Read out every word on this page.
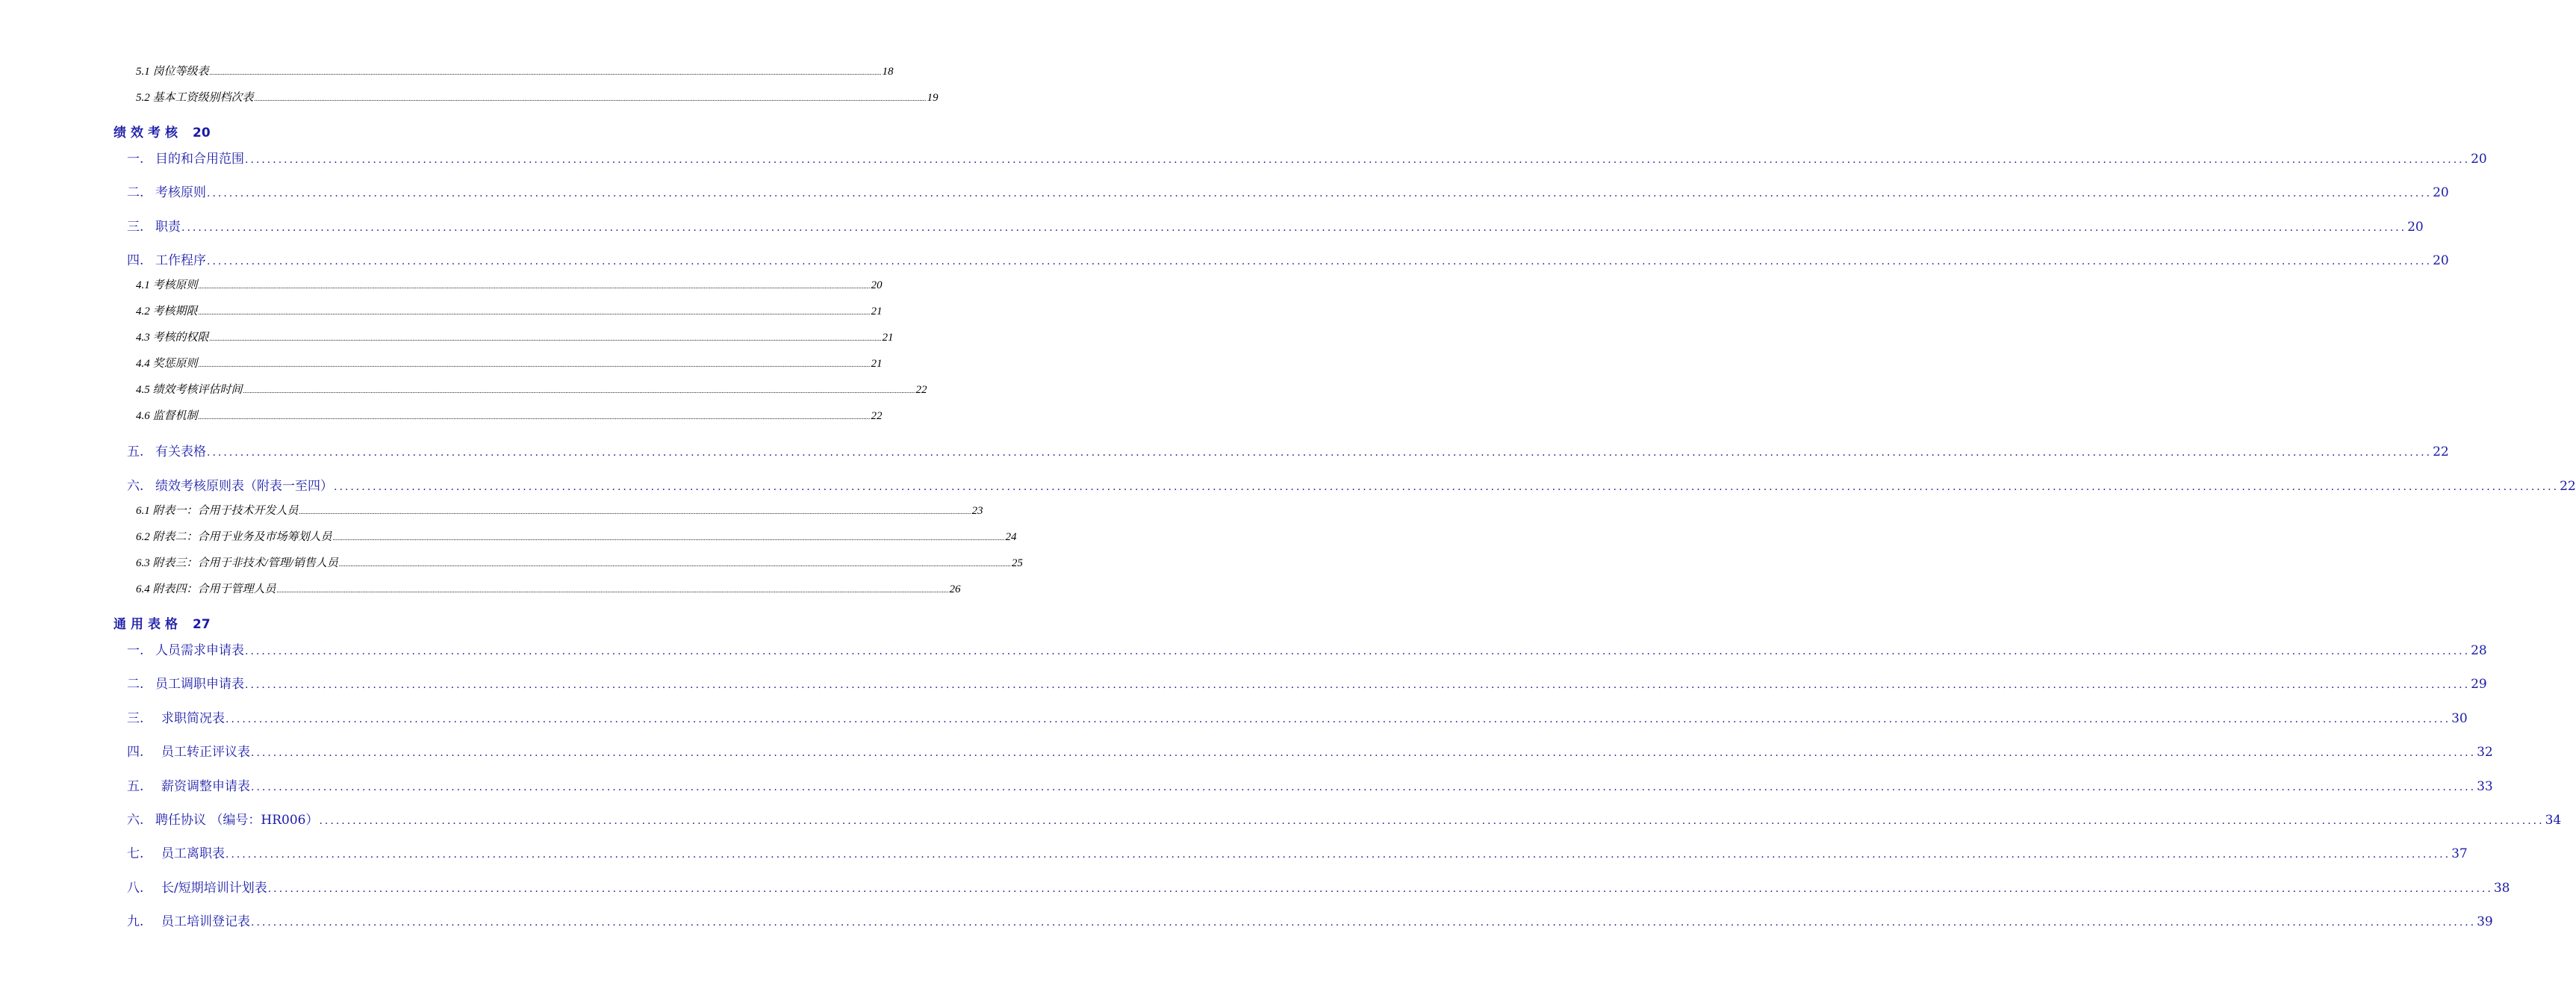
5.1 岗位等级表 ................................................................................................................................................................................................................................................................................................................................................................................................................ 18
5.2 基本工资级别档次表 ................................................................................................................................................................................................................................................................................................................................................................................................................ 19
绩效考核 20
一. 目的和合用范围 ................................................................................................................................................................................................................................................................................................................................................................................................................ 20
二. 考核原则 ................................................................................................................................................................................................................................................................................................................................................................................................................ 20
三. 职责 ................................................................................................................................................................................................................................................................................................................................................................................................................ 20
四. 工作程序 ................................................................................................................................................................................................................................................................................................................................................................................................................ 20
4.1 考核原则 ................................................................................................................................................................................................................................................................................................................................................................................................................ 20
4.2 考核期限 ................................................................................................................................................................................................................................................................................................................................................................................................................ 21
4.3 考核的权限 ................................................................................................................................................................................................................................................................................................................................................................................................................ 21
4.4 奖惩原则 ................................................................................................................................................................................................................................................................................................................................................................................................................ 21
4.5 绩效考核评估时间 ................................................................................................................................................................................................................................................................................................................................................................................................................ 22
4.6 监督机制 ................................................................................................................................................................................................................................................................................................................................................................................................................ 22
五. 有关表格 ................................................................................................................................................................................................................................................................................................................................................................................................................ 22
六. 绩效考核原则表（附表一至四） ................................................................................................................................................................................................................................................................................................................................................................................................................ 22
6.1 附表一：合用于技术开发人员 ................................................................................................................................................................................................................................................................................................................................................................................................................ 23
6.2 附表二：合用于业务及市场筹划人员 ................................................................................................................................................................................................................................................................................................................................................................................................................ 24
6.3 附表三：合用于非技术/管理/销售人员 ................................................................................................................................................................................................................................................................................................................................................................................................................ 25
6.4 附表四：合用于管理人员 ................................................................................................................................................................................................................................................................................................................................................................................................................ 26
通用表格 27
一. 人员需求申请表 ................................................................................................................................................................................................................................................................................................................................................................................................................ 28
二. 员工调职申请表 ................................................................................................................................................................................................................................................................................................................................................................................................................ 29
三. 求职简况表 ................................................................................................................................................................................................................................................................................................................................................................................................................ 30
四. 员工转正评议表 ................................................................................................................................................................................................................................................................................................................................................................................................................ 32
五. 薪资调整申请表 ................................................................................................................................................................................................................................................................................................................................................................................................................ 33
六. 聘任协议 （编号：HR006） ................................................................................................................................................................................................................................................................................................................................................................................................................ 34
七. 员工离职表 ................................................................................................................................................................................................................................................................................................................................................................................................................ 37
八. 长/短期培训计划表 ................................................................................................................................................................................................................................................................................................................................................................................................................ 38
九. 员工培训登记表 ................................................................................................................................................................................................................................................................................................................................................................................................................ 39
